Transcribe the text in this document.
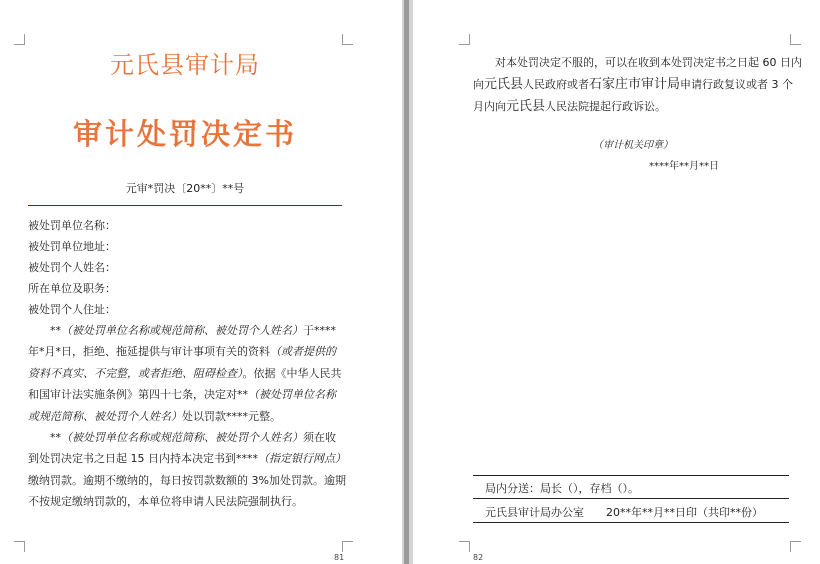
元氏县审计局
审计处罚决定书
元审*罚决〔20**〕**号
被处罚单位名称：
被处罚单位地址：
被处罚个人姓名：
所在单位及职务：
被处罚个人住址：
**（被处罚单位名称或规范简称、被处罚个人姓名）于****年*月*日，拒绝、拖延提供与审计事项有关的资料（或者提供的资料不真实、不完整，或者拒绝、阻碍检查）。依据《中华人民共和国审计法实施条例》第四十七条，决定对**（被处罚单位名称或规范简称、被处罚个人姓名）处以罚款****元整。
**（被处罚单位名称或规范简称、被处罚个人姓名）须在收到处罚决定书之日起 15 日内持本决定书到****（指定银行网点）缴纳罚款。逾期不缴纳的，每日按罚款数额的 3%加处罚款。逾期不按规定缴纳罚款的，本单位将申请人民法院强制执行。
81
对本处罚决定不服的，可以在收到本处罚决定书之日起 60 日内向元氏县人民政府或者石家庄市审计局申请行政复议或者 3 个月内向元氏县人民法院提起行政诉讼。
（审计机关印章）
****年**月**日
局内分送：局长（），存档（）。
元氏县审计局办公室 20**年**月**日印（共印**份）
82
